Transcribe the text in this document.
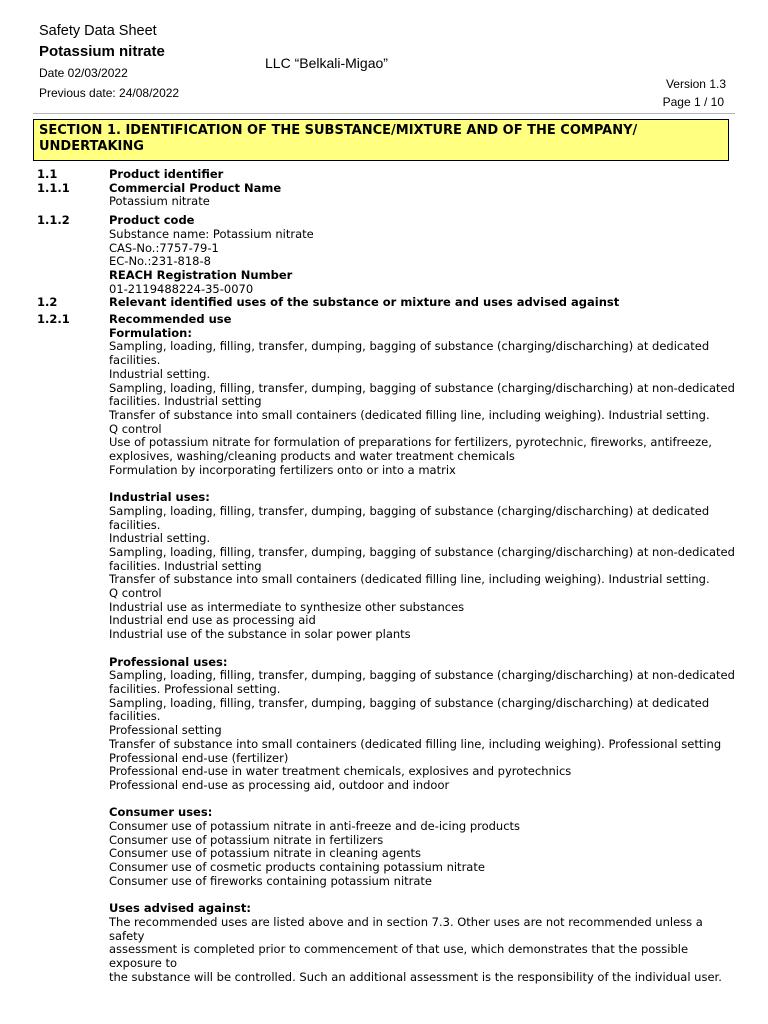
Safety Data Sheet
Potassium nitrate
Date 02/03/2022
Previous date: 24/08/2022
LLC “Belkali-Migao”
Version 1.3
Page 1 / 10
SECTION 1. IDENTIFICATION OF THE SUBSTANCE/MIXTURE AND OF THE COMPANY/ UNDERTAKING
1.1	Product identifier
1.1.1	Commercial Product Name
Potassium nitrate
1.1.2	Product code
Substance name: Potassium nitrate
CAS-No.:7757-79-1
EC-No.:231-818-8
REACH Registration Number
01-2119488224-35-0070
1.2	Relevant identified uses of the substance or mixture and uses advised against
1.2.1	Recommended use
Formulation:
Sampling, loading, filling, transfer, dumping, bagging of substance (charging/discharching) at dedicated facilities.
Industrial setting.
Sampling, loading, filling, transfer, dumping, bagging of substance (charging/discharching) at non-dedicated
facilities. Industrial setting
Transfer of substance into small containers (dedicated filling line, including weighing). Industrial setting.
Q control
Use of potassium nitrate for formulation of preparations for fertilizers, pyrotechnic, fireworks, antifreeze,
explosives, washing/cleaning products and water treatment chemicals
Formulation by incorporating fertilizers onto or into a matrix
Industrial uses:
Sampling, loading, filling, transfer, dumping, bagging of substance (charging/discharching) at dedicated facilities.
Industrial setting.
Sampling, loading, filling, transfer, dumping, bagging of substance (charging/discharching) at non-dedicated
facilities. Industrial setting
Transfer of substance into small containers (dedicated filling line, including weighing). Industrial setting.
Q control
Industrial use as intermediate to synthesize other substances
Industrial end use as processing aid
Industrial use of the substance in solar power plants
Professional uses:
Sampling, loading, filling, transfer, dumping, bagging of substance (charging/discharching) at non-dedicated
facilities. Professional setting.
Sampling, loading, filling, transfer, dumping, bagging of substance (charging/discharching) at dedicated facilities.
Professional setting
Transfer of substance into small containers (dedicated filling line, including weighing). Professional setting
Professional end-use (fertilizer)
Professional end-use in water treatment chemicals, explosives and pyrotechnics
Professional end-use as processing aid, outdoor and indoor
Consumer uses:
Consumer use of potassium nitrate in anti-freeze and de-icing products
Consumer use of potassium nitrate in fertilizers
Consumer use of potassium nitrate in cleaning agents
Consumer use of cosmetic products containing potassium nitrate
Consumer use of fireworks containing potassium nitrate
Uses advised against:
The recommended uses are listed above and in section 7.3. Other uses are not recommended unless a safety
assessment is completed prior to commencement of that use, which demonstrates that the possible exposure to
the substance will be controlled. Such an additional assessment is the responsibility of the individual user.
